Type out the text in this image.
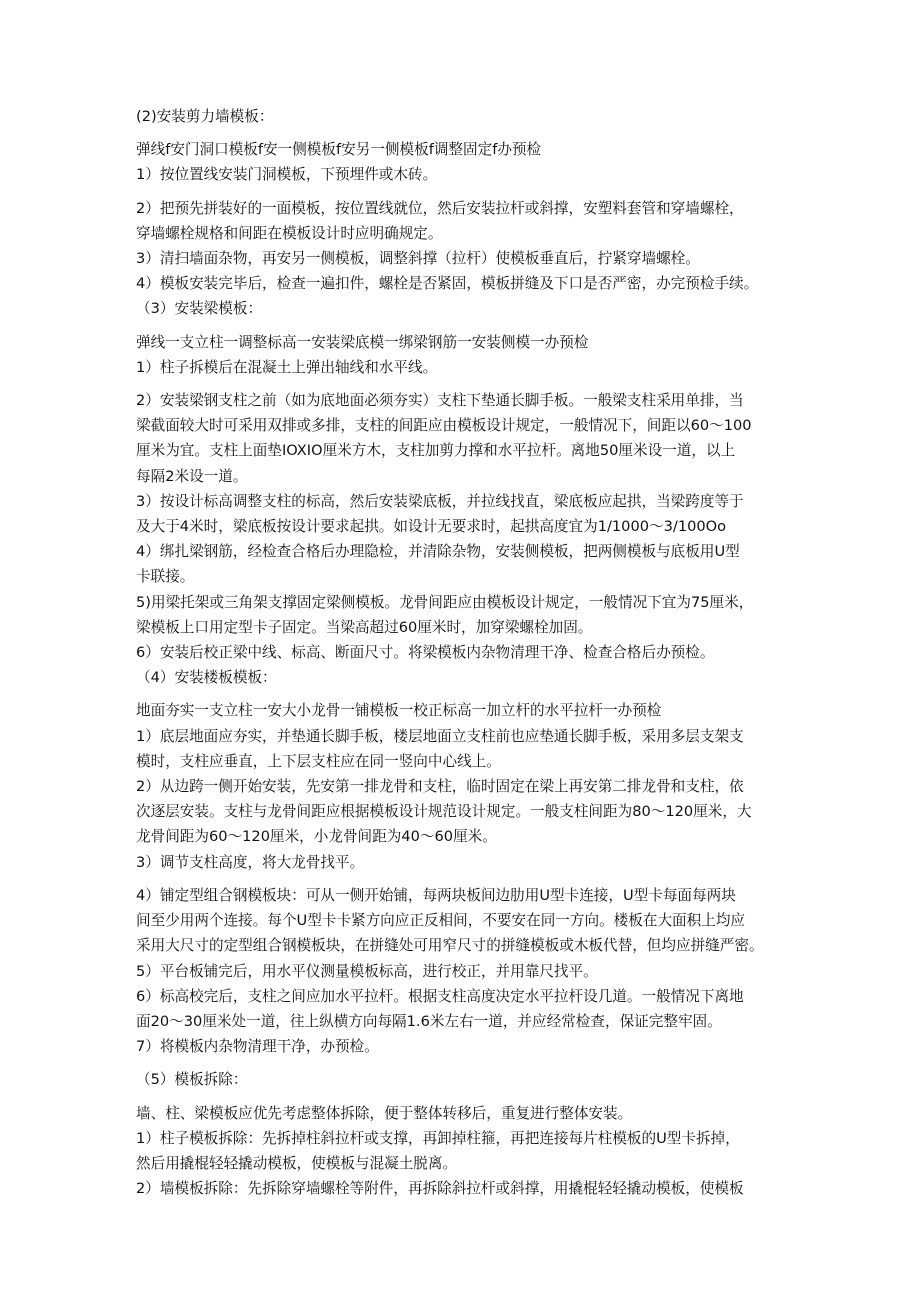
(2)安装剪力墙模板：

弹线f安门洞口模板f安一侧模板f安另一侧模板f调整固定f办预检

1）按位置线安装门洞模板，下预埋件或木砖。

2）把预先拼装好的一面模板，按位置线就位，然后安装拉杆或斜撑，安塑料套管和穿墙螺栓，

穿墙螺栓规格和间距在模板设计时应明确规定。

3）清扫墙面杂物，再安另一侧模板，调整斜撑（拉杆）使模板垂直后，拧紧穿墙螺栓。

4）模板安装完毕后，检查一遍扣件，螺栓是否紧固，模板拼缝及下口是否严密，办完预检手续。

（3）安装梁模板：

弹线一支立柱一调整标高一安装梁底模一绑梁钢筋一安装侧模一办预检

1）柱子拆模后在混凝土上弹出轴线和水平线。

2）安装梁钢支柱之前（如为底地面必须夯实）支柱下垫通长脚手板。一般梁支柱采用单排，当

梁截面较大时可采用双排或多排，支柱的间距应由模板设计规定，一般情况下，间距以60～100

厘米为宜。支柱上面垫IOXIO厘米方木，支柱加剪力撑和水平拉杆。离地50厘米设一道，以上

每隔2米设一道。

3）按设计标高调整支柱的标高，然后安装梁底板，并拉线找直，梁底板应起拱，当梁跨度等于

及大于4米时，梁底板按设计要求起拱。如设计无要求时，起拱高度宜为1/1000～3/100Oo

4）绑扎梁钢筋，经检查合格后办理隐检，并清除杂物，安装侧模板，把两侧模板与底板用U型

卡联接。

5)用梁托架或三角架支撑固定梁侧模板。龙骨间距应由模板设计规定，一般情况下宜为75厘米，

梁模板上口用定型卡子固定。当梁高超过60厘米时，加穿梁螺栓加固。

6）安装后校正梁中线、标高、断面尺寸。将梁模板内杂物清理干净、检查合格后办预检。

（4）安装楼板模板：

地面夯实一支立柱一安大小龙骨一铺模板一校正标高一加立杆的水平拉杆一办预检

1）底层地面应夯实，并垫通长脚手板，楼层地面立支柱前也应垫通长脚手板，采用多层支架支

模时，支柱应垂直，上下层支柱应在同一竖向中心线上。

2）从边跨一侧开始安装，先安第一排龙骨和支柱，临时固定在梁上再安第二排龙骨和支柱，依

次逐层安装。支柱与龙骨间距应根据模板设计规范设计规定。一般支柱间距为80～120厘米，大

龙骨间距为60～120厘米，小龙骨间距为40～60厘米。

3）调节支柱高度，将大龙骨找平。

4）铺定型组合钢模板块：可从一侧开始铺，每两块板间边肋用U型卡连接，U型卡每面每两块

间至少用两个连接。每个U型卡卡紧方向应正反相间，不要安在同一方向。楼板在大面积上均应

采用大尺寸的定型组合钢模板块，在拼缝处可用窄尺寸的拼缝模板或木板代替，但均应拼缝严密。

5）平台板铺完后，用水平仪测量模板标高，进行校正，并用靠尺找平。

6）标高校完后，支柱之间应加水平拉杆。根据支柱高度决定水平拉杆设几道。一般情况下离地

面20～30厘米处一道，往上纵横方向每隔1.6米左右一道，并应经常检查，保证完整牢固。

7）将模板内杂物清理干净，办预检。

（5）模板拆除：

墙、柱、梁模板应优先考虑整体拆除，便于整体转移后，重复进行整体安装。

1）柱子模板拆除：先拆掉柱斜拉杆或支撑，再卸掉柱箍，再把连接每片柱模板的U型卡拆掉，

然后用撬棍轻轻撬动模板，使模板与混凝土脱离。

2）墙模板拆除：先拆除穿墙螺栓等附件，再拆除斜拉杆或斜撑，用撬棍轻轻撬动模板，使模板
